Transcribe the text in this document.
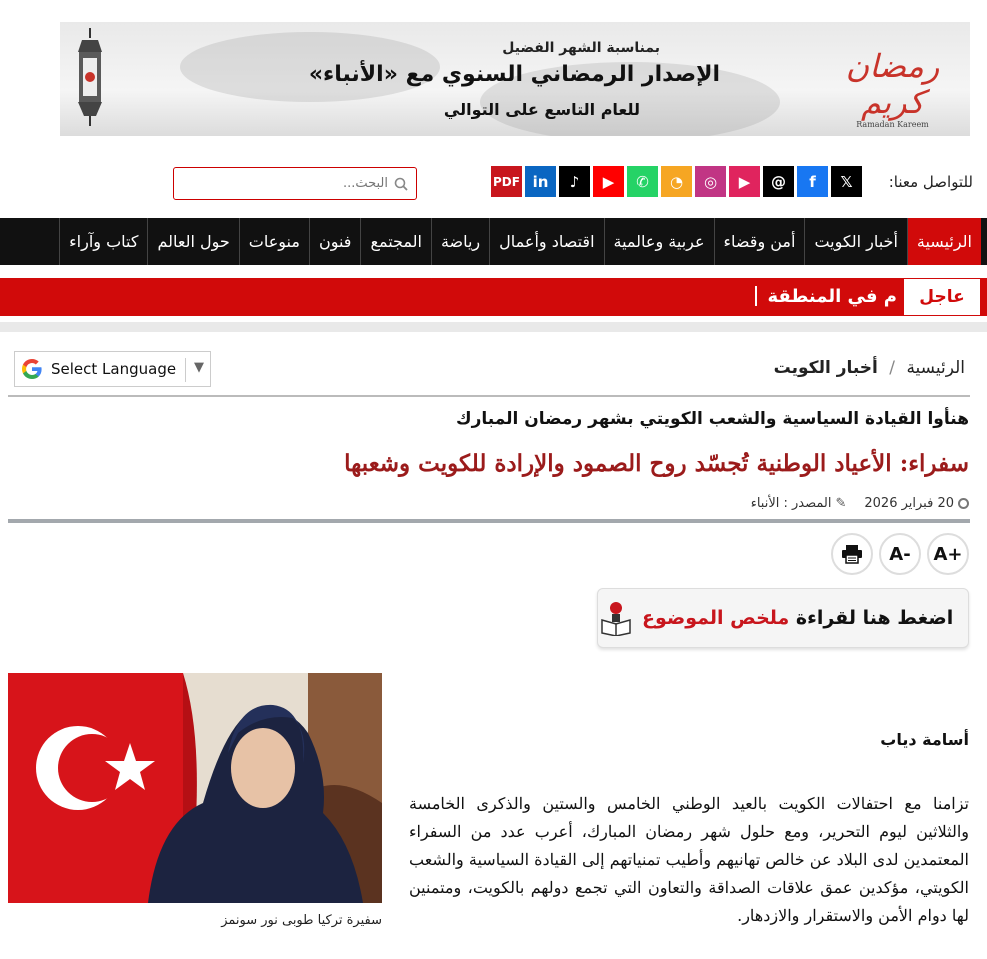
بمناسبة الشهر الفضيل
الإصدار الرمضاني السنوي مع «الأنباء»
للعام التاسع على التوالي
رمضان كريم
Ramadan Kareem
للتواصل معنا:
𝕏
f
@
▶
◎
◔
✆
▶
♪
in
PDF
البحث...
الرئيسية
أخبار الكويت
أمن وقضاء
عربية وعالمية
اقتصاد وأعمال
رياضة
المجتمع
فنون
منوعات
حول العالم
كتاب وآراء
عاجل
م في المنطقة
Select Language ▼	الرئيسية / أخبار الكويت
هنأوا القيادة السياسية والشعب الكويتي بشهر رمضان المبارك
سفراء: الأعياد الوطنية تُجسّد روح الصمود والإرادة للكويت وشعبها
20 فبراير 2026
✎
المصدر : الأنباء
A+
A-
اضغط هنا لقراءة ملخص الموضوع
سفيرة تركيا طوبى نور سونمز
أسامة دياب
تزامنا مع احتفالات الكويت بالعيد الوطني الخامس والستين والذكرى الخامسة والثلاثين ليوم التحرير، ومع حلول شهر رمضان المبارك، أعرب عدد من السفراء المعتمدين لدى البلاد عن خالص تهانيهم وأطيب تمنياتهم إلى القيادة السياسية والشعب الكويتي، مؤكدين عمق علاقات الصداقة والتعاون التي تجمع دولهم بالكويت، ومتمنين لها دوام الأمن والاستقرار والازدهار.
